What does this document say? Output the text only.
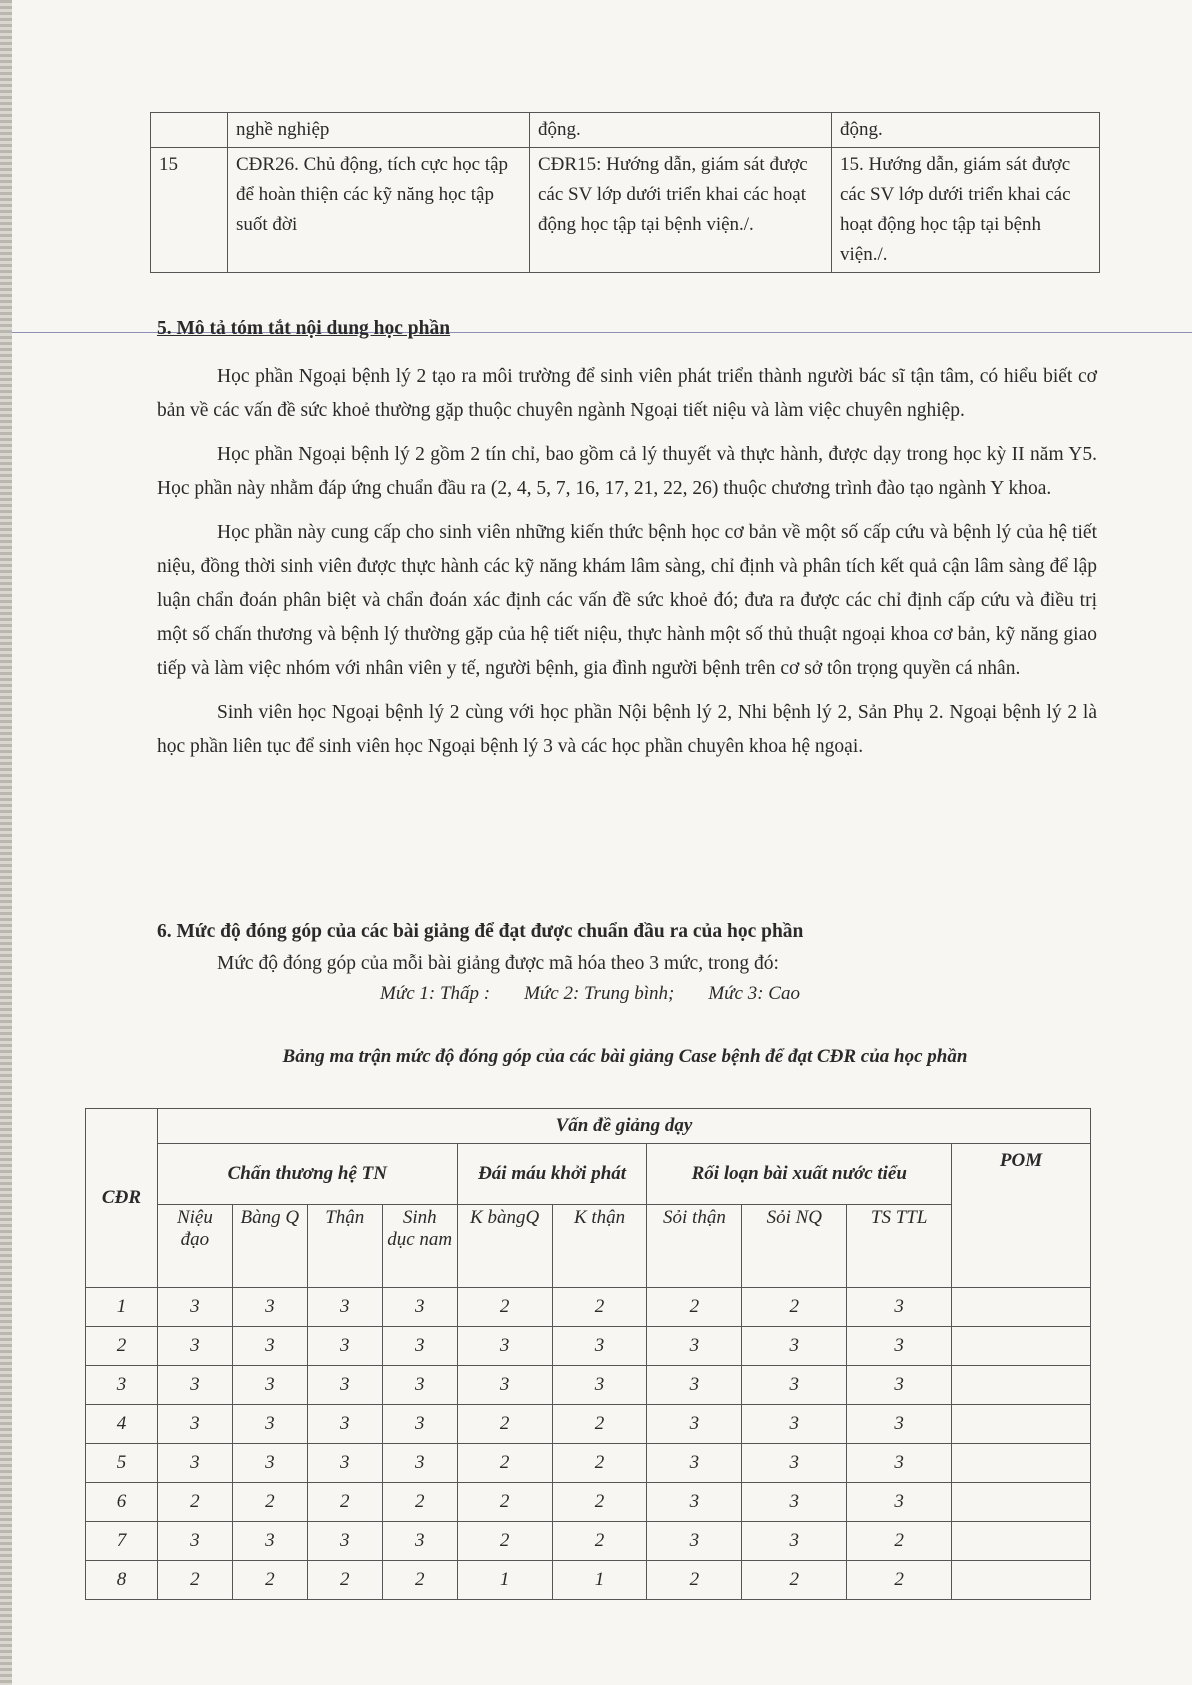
	nghề nghiệp	động.	động.
15	CĐR26. Chủ động, tích cực học tập để hoàn thiện các kỹ năng học tập suốt đời	CĐR15: Hướng dẫn, giám sát được các SV lớp dưới triển khai các hoạt động học tập tại bệnh viện./.	15. Hướng dẫn, giám sát được các SV lớp dưới triển khai các hoạt động học tập tại bệnh viện./.
5. Mô tả tóm tắt nội dung học phần

Học phần Ngoại bệnh lý 2 tạo ra môi trường để sinh viên phát triển thành người bác sĩ tận tâm, có hiểu biết cơ bản về các vấn đề sức khoẻ thường gặp thuộc chuyên ngành Ngoại tiết niệu và làm việc chuyên nghiệp.

Học phần Ngoại bệnh lý 2 gồm 2 tín chỉ, bao gồm cả lý thuyết và thực hành, được dạy trong học kỳ II năm Y5. Học phần này nhằm đáp ứng chuẩn đầu ra (2, 4, 5, 7, 16, 17, 21, 22, 26) thuộc chương trình đào tạo ngành Y khoa.

Học phần này cung cấp cho sinh viên những kiến thức bệnh học cơ bản về một số cấp cứu và bệnh lý của hệ tiết niệu, đồng thời sinh viên được thực hành các kỹ năng khám lâm sàng, chỉ định và phân tích kết quả cận lâm sàng để lập luận chẩn đoán phân biệt và chẩn đoán xác định các vấn đề sức khoẻ đó; đưa ra được các chỉ định cấp cứu và điều trị một số chấn thương và bệnh lý thường gặp của hệ tiết niệu, thực hành một số thủ thuật ngoại khoa cơ bản, kỹ năng giao tiếp và làm việc nhóm với nhân viên y tế, người bệnh, gia đình người bệnh trên cơ sở tôn trọng quyền cá nhân.

Sinh viên học Ngoại bệnh lý 2 cùng với học phần Nội bệnh lý 2, Nhi bệnh lý 2, Sản Phụ 2. Ngoại bệnh lý 2 là học phần liên tục để sinh viên học Ngoại bệnh lý 3 và các học phần chuyên khoa hệ ngoại.

6. Mức độ đóng góp của các bài giảng để đạt được chuẩn đầu ra của học phần
Mức độ đóng góp của mỗi bài giảng được mã hóa theo 3 mức, trong đó:
Mức 1: Thấp : Mức 2: Trung bình; Mức 3: Cao
Bảng ma trận mức độ đóng góp của các bài giảng Case bệnh để đạt CĐR của học phần
CĐR	Vấn đề giảng dạy									
	Chấn thương hệ TN				Đái máu khởi phát		Rối loạn bài xuất nước tiểu			POM
	Niệu đạo	Bàng Q	Thận	Sinh dục nam	K bàngQ	K thận	Sỏi thận	Sỏi NQ	TS TTL	
1	3	3	3	3	2	2	2	2	3	
2	3	3	3	3	3	3	3	3	3	
3	3	3	3	3	3	3	3	3	3	
4	3	3	3	3	2	2	3	3	3	
5	3	3	3	3	2	2	3	3	3	
6	2	2	2	2	2	2	3	3	3	
7	3	3	3	3	2	2	3	3	2	
8	2	2	2	2	1	1	2	2	2	
